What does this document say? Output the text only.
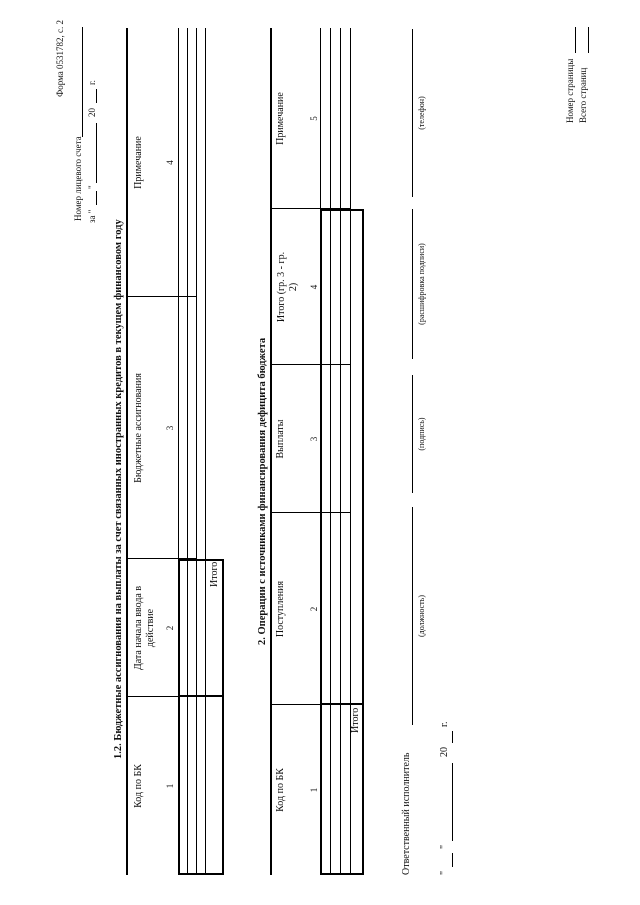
Форма 0531782, с. 2
Номер лицевого счета за "
"
20
г.
1.2. Бюджетные ассигнования на выплаты за счет связанных иностранных кредитов в текущем финансовом году
Код по БК
Дата начала ввода в действие
Бюджетные ассигнования
Примечание
1
2
3
4
Итого	2. Операции с источниками финансирования дефицита бюджета
Код по БК
Поступления
Выплаты
Итого (гр. 3 - гр. 2)
Примечание
1
2
3
4
5
Итого
Ответственный исполнитель
(должность)
(подпись)
(расшифровка подписи)
(телефон)
"
"
20
г.
Номер страницы Всего страниц
